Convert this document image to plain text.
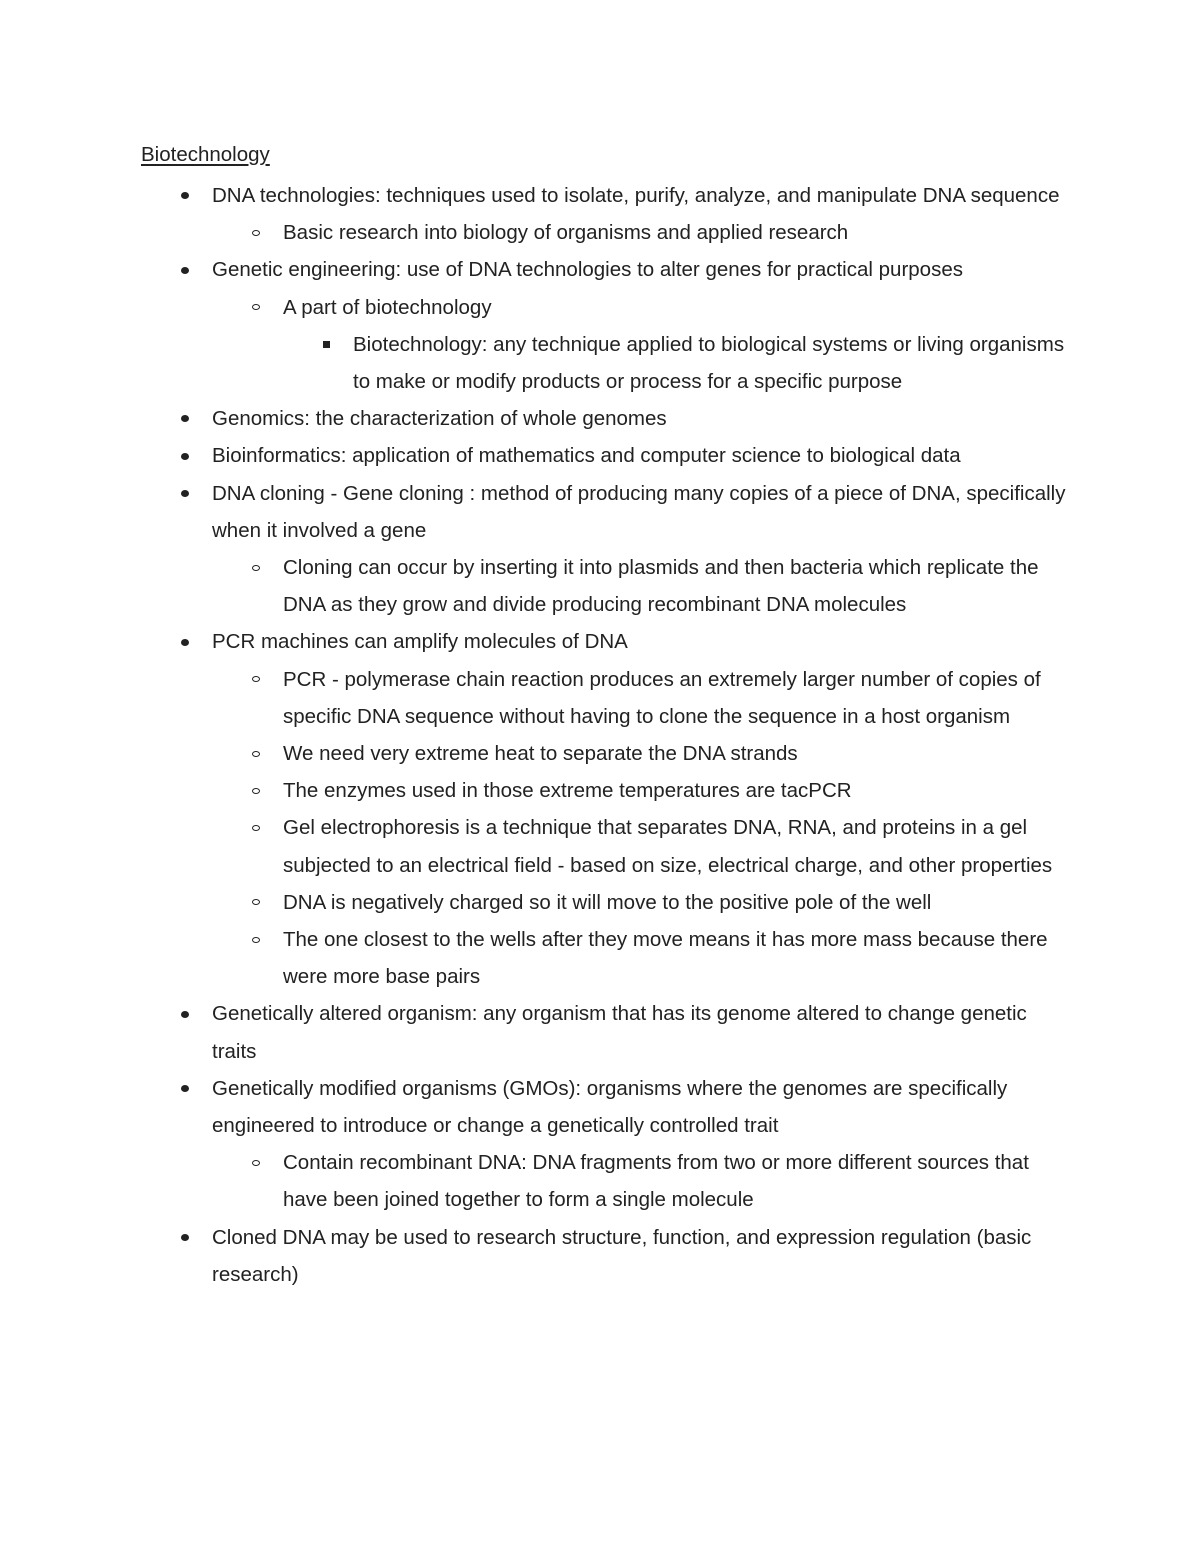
Biotechnology
DNA technologies: techniques used to isolate, purify, analyze, and manipulate DNA sequence
Basic research into biology of organisms and applied research
Genetic engineering: use of DNA technologies to alter genes for practical purposes
A part of biotechnology
Biotechnology: any technique applied to biological systems or living organisms to make or modify products or process for a specific purpose
Genomics: the characterization of whole genomes
Bioinformatics: application of mathematics and computer science to biological data
DNA cloning - Gene cloning : method of producing many copies of a piece of DNA, specifically when it involved a gene
Cloning can occur by inserting it into plasmids and then bacteria which replicate the DNA as they grow and divide producing recombinant DNA molecules
PCR machines can amplify molecules of DNA
PCR - polymerase chain reaction produces an extremely larger number of copies of specific DNA sequence without having to clone the sequence in a host organism
We need very extreme heat to separate the DNA strands
The enzymes used in those extreme temperatures are tacPCR
Gel electrophoresis is a technique that separates DNA, RNA, and proteins in a gel subjected to an electrical field - based on size, electrical charge, and other properties
DNA is negatively charged so it will move to the positive pole of the well
The one closest to the wells after they move means it has more mass because there were more base pairs
Genetically altered organism: any organism that has its genome altered to change genetic traits
Genetically modified organisms (GMOs): organisms where the genomes are specifically engineered to introduce or change a genetically controlled trait
Contain recombinant DNA: DNA fragments from two or more different sources that have been joined together to form a single molecule
Cloned DNA may be used to research structure, function, and expression regulation (basic research)
